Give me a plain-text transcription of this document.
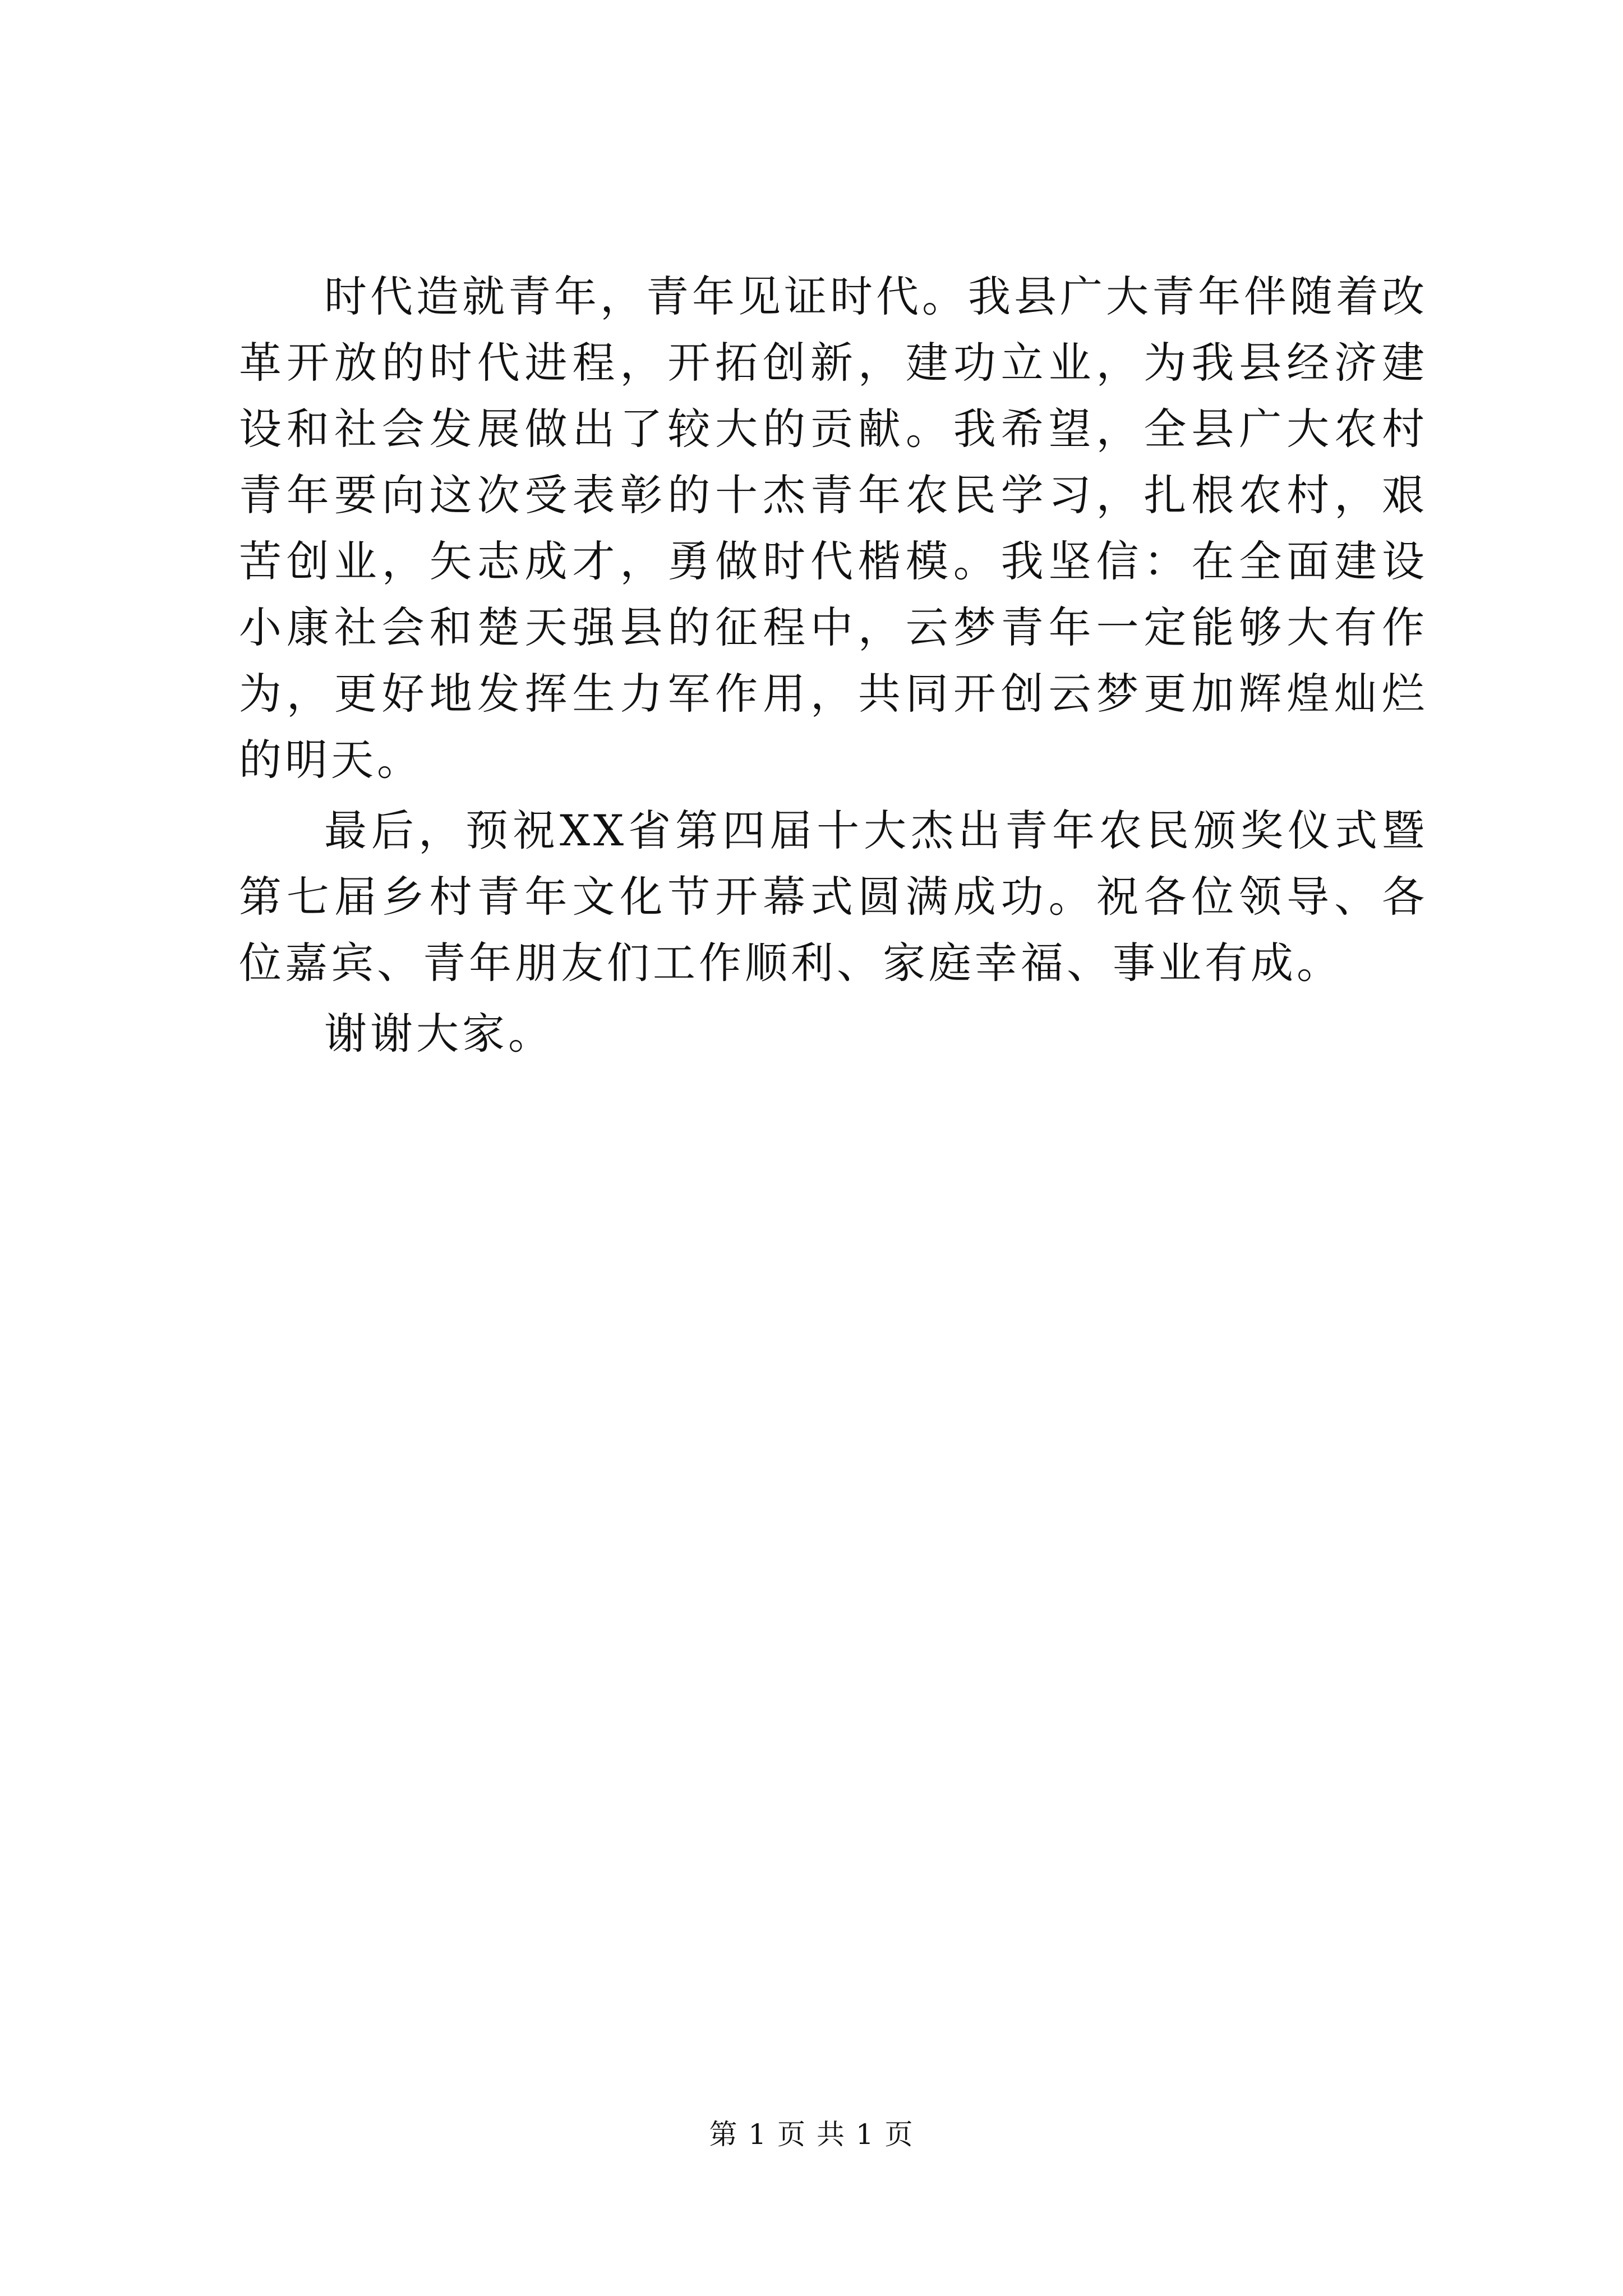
时代造就青年，青年见证时代。我县广大青年伴随着改革开放的时代进程，开拓创新，建功立业，为我县经济建设和社会发展做出了较大的贡献。我希望，全县广大农村青年要向这次受表彰的十杰青年农民学习，扎根农村，艰苦创业，矢志成才，勇做时代楷模。我坚信：在全面建设小康社会和楚天强县的征程中，云梦青年一定能够大有作为，更好地发挥生力军作用，共同开创云梦更加辉煌灿烂的明天。

最后，预祝XX省第四届十大杰出青年农民颁奖仪式暨第七届乡村青年文化节开幕式圆满成功。祝各位领导、各位嘉宾、青年朋友们工作顺利、家庭幸福、事业有成。

谢谢大家。

第 1 页 共 1 页
